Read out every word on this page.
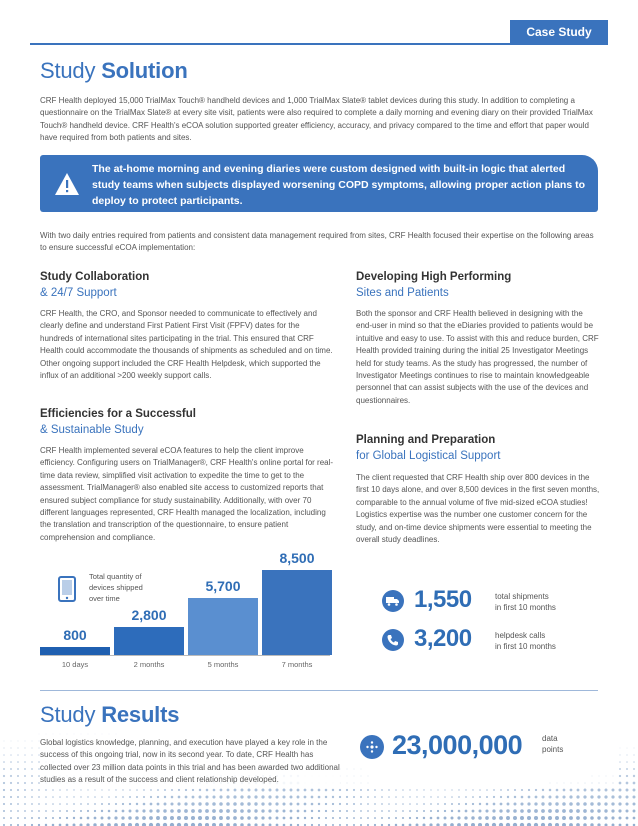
Case Study
Study Solution

CRF Health deployed 15,000 TrialMax Touch® handheld devices and 1,000 TrialMax Slate® tablet devices during this study. In addition to completing a questionnaire on the TrialMax Slate® at every site visit, patients were also required to complete a daily morning and evening diary on their provided TrialMax Touch® handheld device. CRF Health's eCOA solution supported greater efficiency, accuracy, and privacy compared to the time and effort that paper would have required from both patients and sites.

The at-home morning and evening diaries were custom designed with built-in logic that alerted study teams when subjects displayed worsening COPD symptoms, allowing proper action plans to deploy to protect participants.

With two daily entries required from patients and consistent data management required from sites, CRF Health focused their expertise on the following areas to ensure successful eCOA implementation:

Study Collaboration
& 24/7 Support

CRF Health, the CRO, and Sponsor needed to communicate to effectively and clearly define and understand First Patient First Visit (FPFV) dates for the hundreds of international sites participating in the trial. This ensured that CRF Health could accommodate the thousands of shipments as scheduled and on time. Other ongoing support included the CRF Health Helpdesk, which supported the influx of an additional >200 weekly support calls.

Efficiencies for a Successful
& Sustainable Study

CRF Health implemented several eCOA features to help the client improve efficiency. Configuring users on TrialManager®, CRF Health's online portal for real-time data review, simplified visit activation to expedite the time to get to the assessment. TrialManager® also enabled site access to customized reports that ensured subject compliance for study sustainability. Additionally, with over 70 different languages represented, CRF Health managed the localization, including the translation and transcription of the questionnaire, to ensure patient comprehension and compliance.

Developing High Performing
Sites and Patients

Both the sponsor and CRF Health believed in designing with the end-user in mind so that the eDiaries provided to patients would be intuitive and easy to use. To assist with this and reduce burden, CRF Health provided training during the initial 25 Investigator Meetings held for study teams. As the study has progressed, the number of Investigator Meetings continues to rise to maintain knowledgeable personnel that can assist subjects with the use of the devices and questionnaires.

Planning and Preparation
for Global Logistical Support

The client requested that CRF Health ship over 800 devices in the first 10 days alone, and over 8,500 devices in the first seven months, comparable to the annual volume of five mid-sized eCOA studies! Logistics expertise was the number one customer concern for the study, and on-time device shipments were essential to meeting the overall study deadlines.

Total quantity of devices shipped over time
800
10 days
2,800
2 months
5,700
5 months
8,500
7 months
1,550	total shipments
in first 10 months
3,200	helpdesk calls
in first 10 months
Study Results

Global logistics knowledge, planning, and execution have played a key role in the success of this ongoing trial, now in its second year. To date, CRF Health has collected over 23 million data points in this trial and has been awarded two additional studies as a result of the success and client relationship developed.

23,000,000 data
points
